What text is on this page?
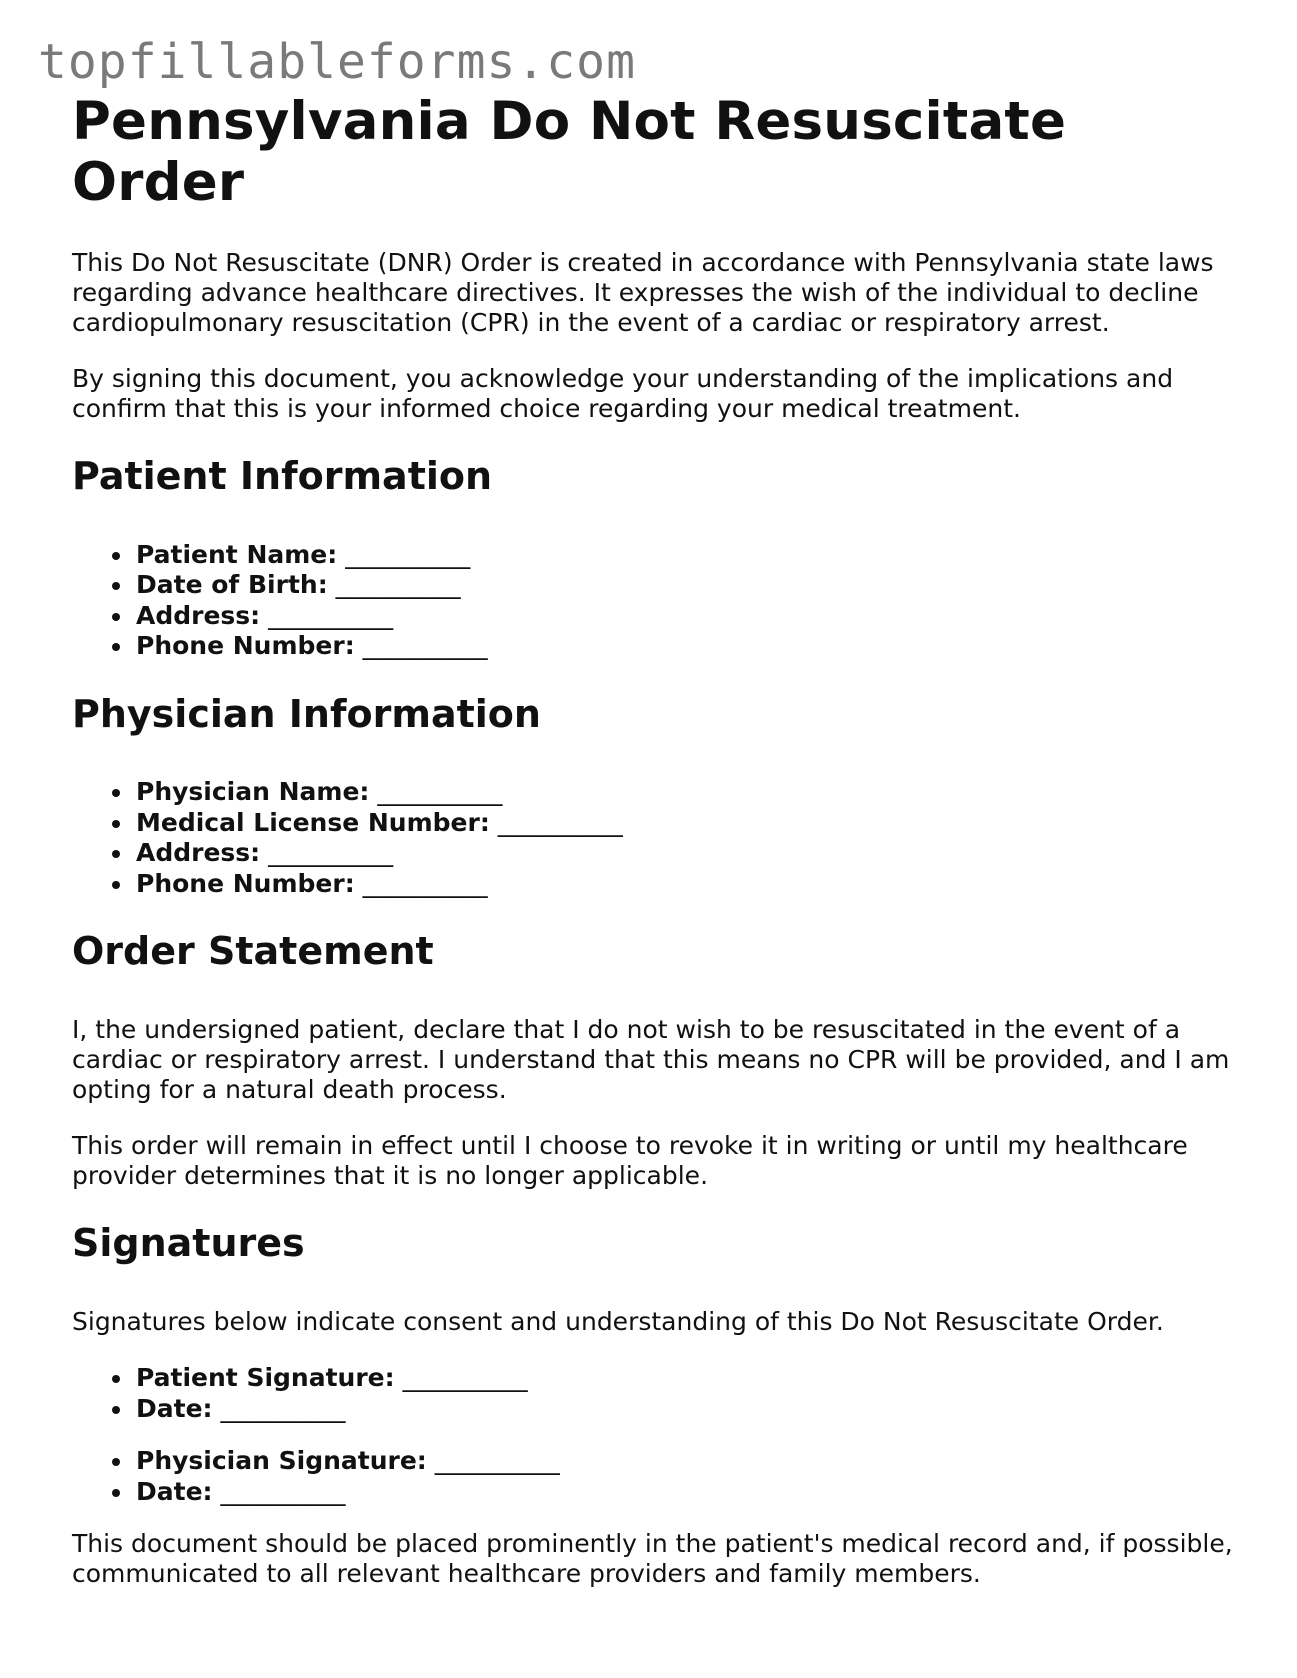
topfillableforms.com
Pennsylvania Do Not Resuscitate Order

This Do Not Resuscitate (DNR) Order is created in accordance with Pennsylvania state laws regarding advance healthcare directives. It expresses the wish of the individual to decline cardiopulmonary resuscitation (CPR) in the event of a cardiac or respiratory arrest.

By signing this document, you acknowledge your understanding of the implications and confirm that this is your informed choice regarding your medical treatment.

Patient Information
• Patient Name: __________
• Date of Birth: __________
• Address: __________
• Phone Number: __________
Physician Information
• Physician Name: __________
• Medical License Number: __________
• Address: __________
• Phone Number: __________
Order Statement

I, the undersigned patient, declare that I do not wish to be resuscitated in the event of a cardiac or respiratory arrest. I understand that this means no CPR will be provided, and I am opting for a natural death process.

This order will remain in effect until I choose to revoke it in writing or until my healthcare provider determines that it is no longer applicable.

Signatures

Signatures below indicate consent and understanding of this Do Not Resuscitate Order.

• Patient Signature: __________
• Date: __________
• Physician Signature: __________
• Date: __________

This document should be placed prominently in the patient's medical record and, if possible, communicated to all relevant healthcare providers and family members.
